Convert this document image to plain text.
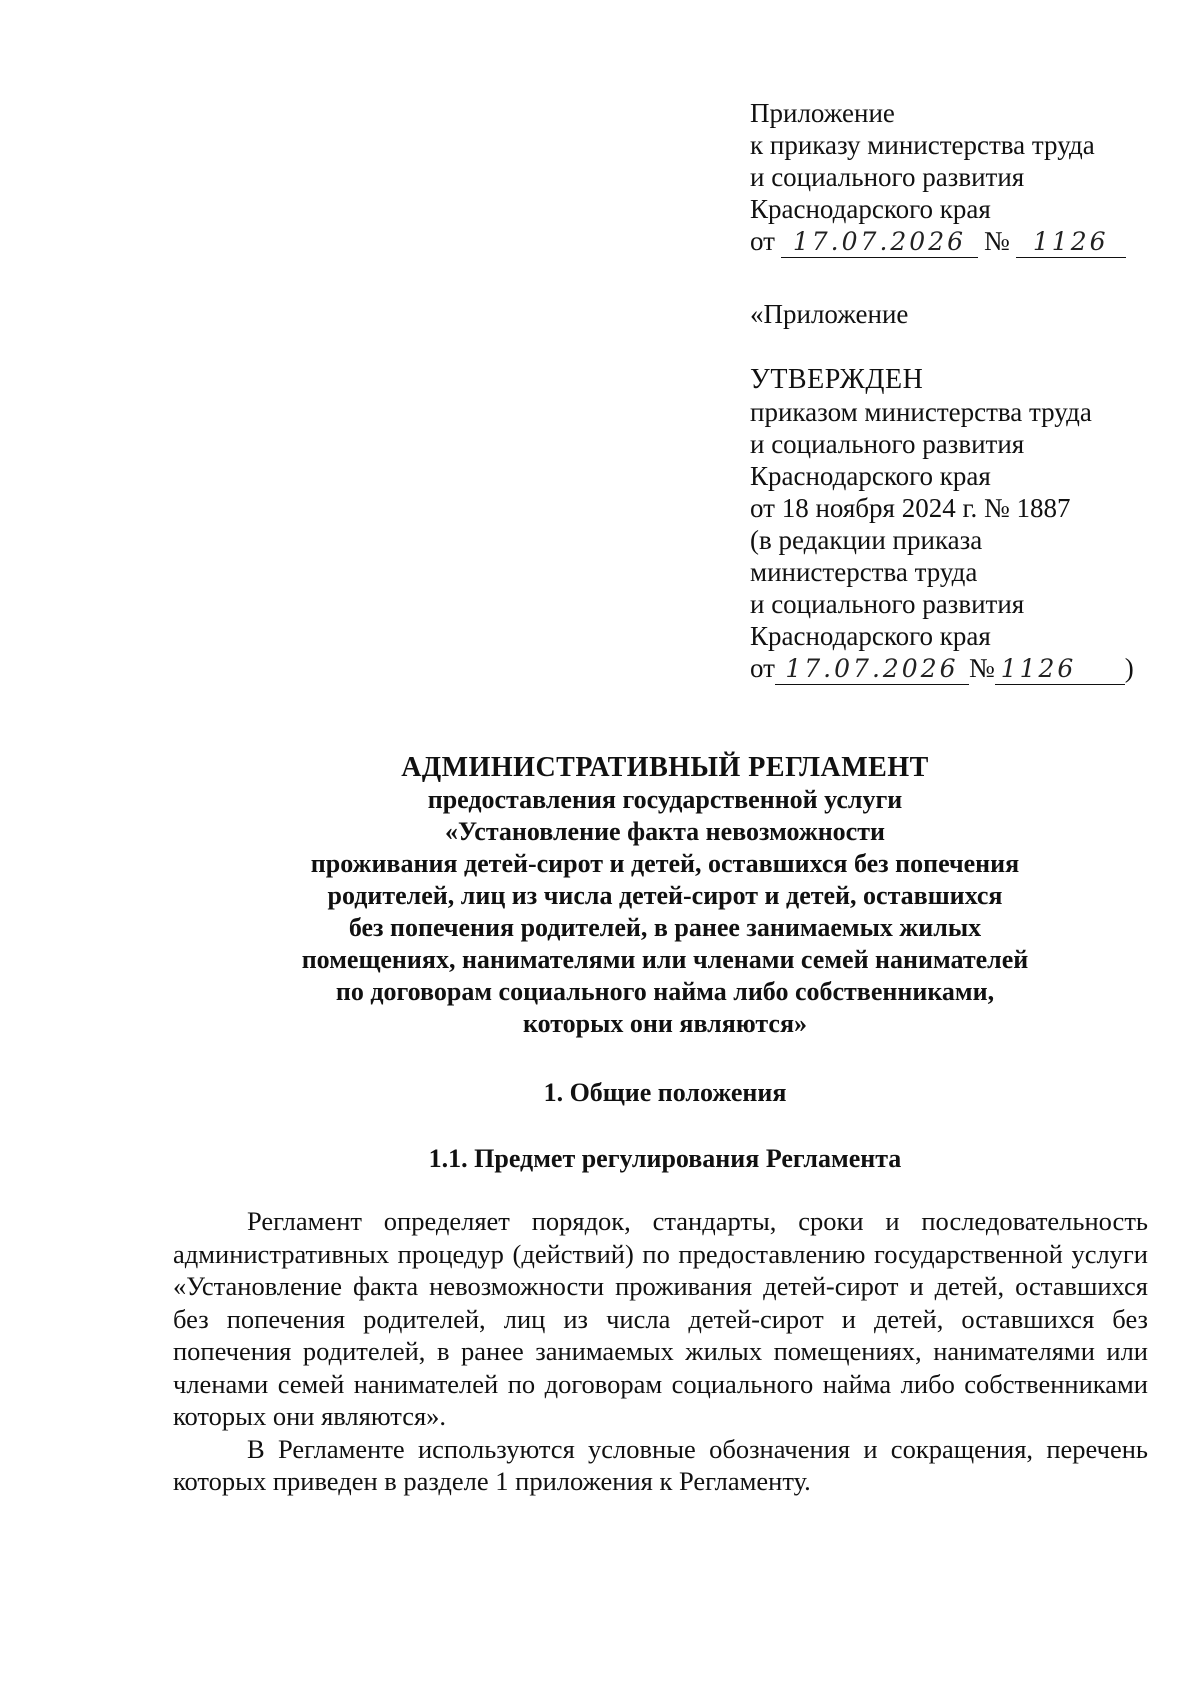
Приложение
к приказу министерства труда
и социального развития
Краснодарского края
от 17.07.2026 № 1126
«Приложение
УТВЕРЖДЕН
приказом министерства труда
и социального развития
Краснодарского края
от 18 ноября 2024 г. № 1887
(в редакции приказа
министерства труда
и социального развития
Краснодарского края
от 17.07.2026 № 1126	)
АДМИНИСТРАТИВНЫЙ РЕГЛАМЕНТ
предоставления государственной услуги
«Установление факта невозможности
проживания детей-сирот и детей, оставшихся без попечения
родителей, лиц из числа детей-сирот и детей, оставшихся
без попечения родителей, в ранее занимаемых жилых
помещениях, нанимателями или членами семей нанимателей
по договорам социального найма либо собственниками,
которых они являются»
1. Общие положения
1.1. Предмет регулирования Регламента

Регламент определяет порядок, стандарты, сроки и последовательность административных процедур (действий) по предоставлению государственной услуги «Установление факта невозможности проживания детей-сирот и детей, оставшихся без попечения родителей, лиц из числа детей-сирот и детей, оставшихся без попечения родителей, в ранее занимаемых жилых помещениях, нанимателями или членами семей нанимателей по договорам социального найма либо собственниками которых они являются».

В Регламенте используются условные обозначения и сокращения, перечень которых приведен в разделе 1 приложения к Регламенту.
